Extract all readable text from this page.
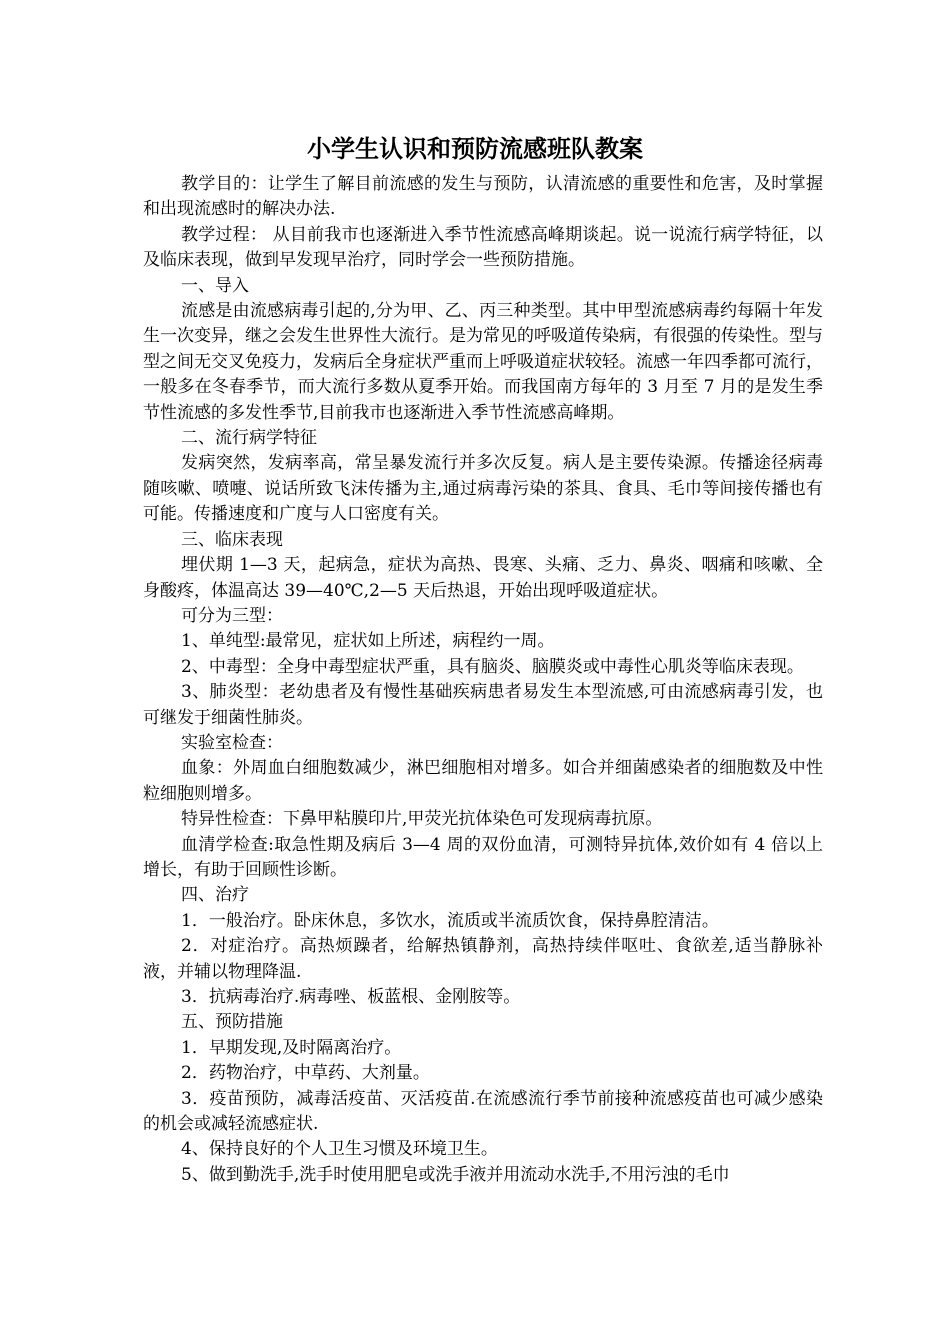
小学生认识和预防流感班队教案

教学目的：让学生了解目前流感的发生与预防，认清流感的重要性和危害，及时掌握和出现流感时的解决办法.

教学过程： 从目前我市也逐渐进入季节性流感高峰期谈起。说一说流行病学特征，以及临床表现，做到早发现早治疗，同时学会一些预防措施。

一、导入

流感是由流感病毒引起的,分为甲、乙、丙三种类型。其中甲型流感病毒约每隔十年发生一次变异，继之会发生世界性大流行。是为常见的呼吸道传染病，有很强的传染性。型与型之间无交叉免疫力，发病后全身症状严重而上呼吸道症状较轻。流感一年四季都可流行，一般多在冬春季节，而大流行多数从夏季开始。而我国南方每年的 3 月至 7 月的是发生季节性流感的多发性季节,目前我市也逐渐进入季节性流感高峰期。

二、流行病学特征

发病突然，发病率高，常呈暴发流行并多次反复。病人是主要传染源。传播途径病毒随咳嗽、喷嚏、说话所致飞沫传播为主,通过病毒污染的茶具、食具、毛巾等间接传播也有可能。传播速度和广度与人口密度有关。

三、临床表现

埋伏期 1—3 天，起病急，症状为高热、畏寒、头痛、乏力、鼻炎、咽痛和咳嗽、全身酸疼，体温高达 39—40℃,2—5 天后热退，开始出现呼吸道症状。

可分为三型：

1、单纯型:最常见，症状如上所述，病程约一周。

2、中毒型：全身中毒型症状严重，具有脑炎、脑膜炎或中毒性心肌炎等临床表现。

3、肺炎型：老幼患者及有慢性基础疾病患者易发生本型流感,可由流感病毒引发，也可继发于细菌性肺炎。

实验室检查：

血象：外周血白细胞数减少，淋巴细胞相对增多。如合并细菌感染者的细胞数及中性粒细胞则增多。

特异性检查：下鼻甲粘膜印片,甲荧光抗体染色可发现病毒抗原。

血清学检查:取急性期及病后 3—4 周的双份血清，可测特异抗体,效价如有 4 倍以上增长，有助于回顾性诊断。

四、治疗

1．一般治疗。卧床休息，多饮水，流质或半流质饮食，保持鼻腔清洁。

2．对症治疗。高热烦躁者，给解热镇静剂，高热持续伴呕吐、食欲差,适当静脉补液，并辅以物理降温.

3．抗病毒治疗.病毒唑、板蓝根、金刚胺等。

五、预防措施

1．早期发现,及时隔离治疗。

2．药物治疗，中草药、大剂量。

3．疫苗预防，减毒活疫苗、灭活疫苗.在流感流行季节前接种流感疫苗也可减少感染的机会或减轻流感症状.

4、保持良好的个人卫生习惯及环境卫生。

5、做到勤洗手,洗手时使用肥皂或洗手液并用流动水洗手,不用污浊的毛巾
